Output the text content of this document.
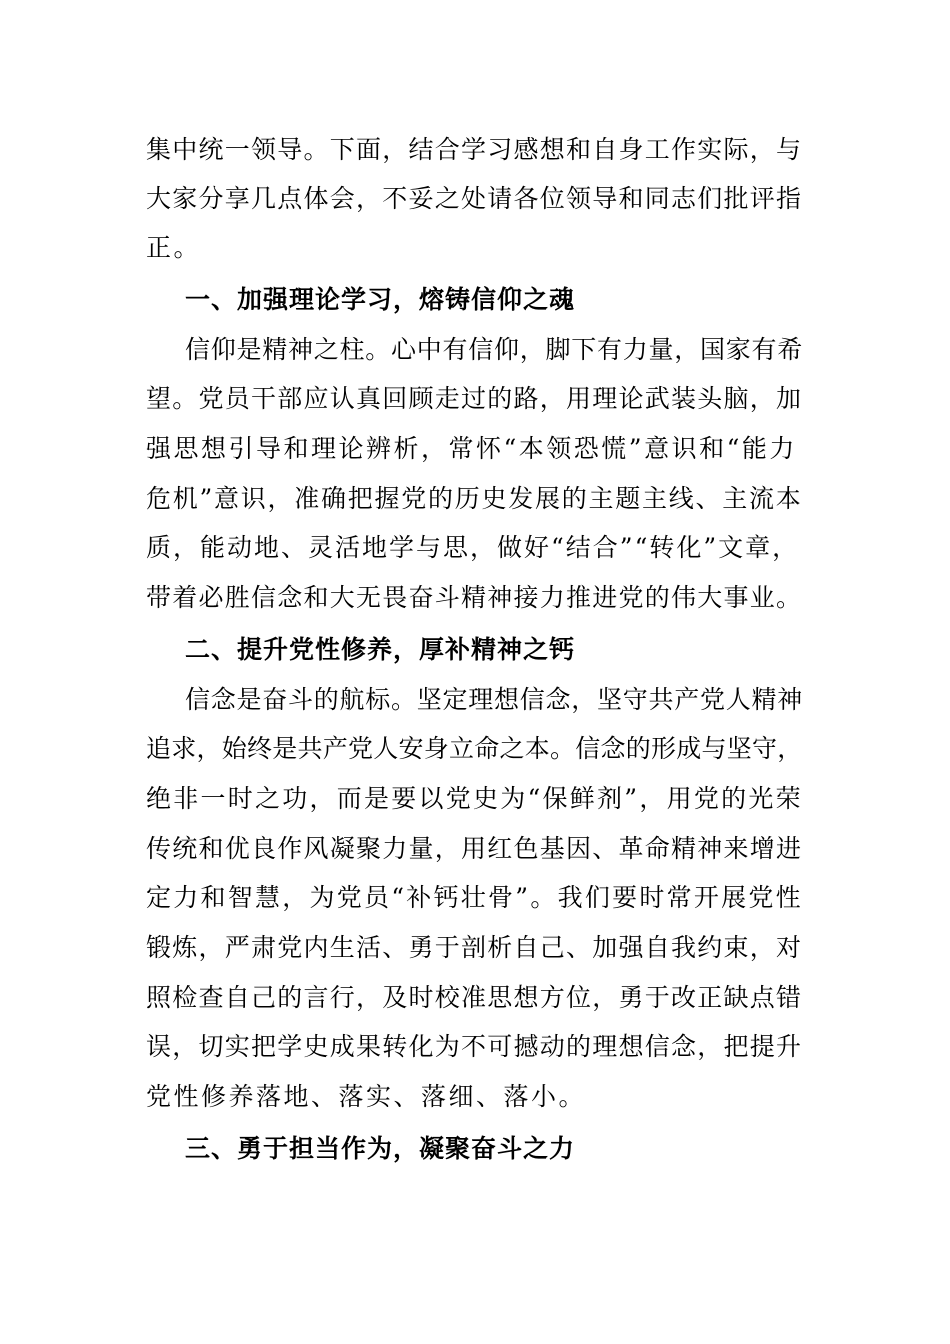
集中统一领导。下面，结合学习感想和自身工作实际，与
大家分享几点体会，不妥之处请各位领导和同志们批评指
正。
一、加强理论学习，熔铸信仰之魂
信仰是精神之柱。心中有信仰，脚下有力量，国家有希
望。党员干部应认真回顾走过的路，用理论武装头脑，加
强思想引导和理论辨析，常怀“本领恐慌”意识和“能力
危机”意识，准确把握党的历史发展的主题主线、主流本
质，能动地、灵活地学与思，做好“结合”“转化”文章，
带着必胜信念和大无畏奋斗精神接力推进党的伟大事业。
二、提升党性修养，厚补精神之钙
信念是奋斗的航标。坚定理想信念，坚守共产党人精神
追求，始终是共产党人安身立命之本。信念的形成与坚守，
绝非一时之功，而是要以党史为“保鲜剂”，用党的光荣
传统和优良作风凝聚力量，用红色基因、革命精神来增进
定力和智慧，为党员“补钙壮骨”。我们要时常开展党性
锻炼，严肃党内生活、勇于剖析自己、加强自我约束，对
照检查自己的言行，及时校准思想方位，勇于改正缺点错
误，切实把学史成果转化为不可撼动的理想信念，把提升
党性修养落地、落实、落细、落小。
三、勇于担当作为，凝聚奋斗之力
